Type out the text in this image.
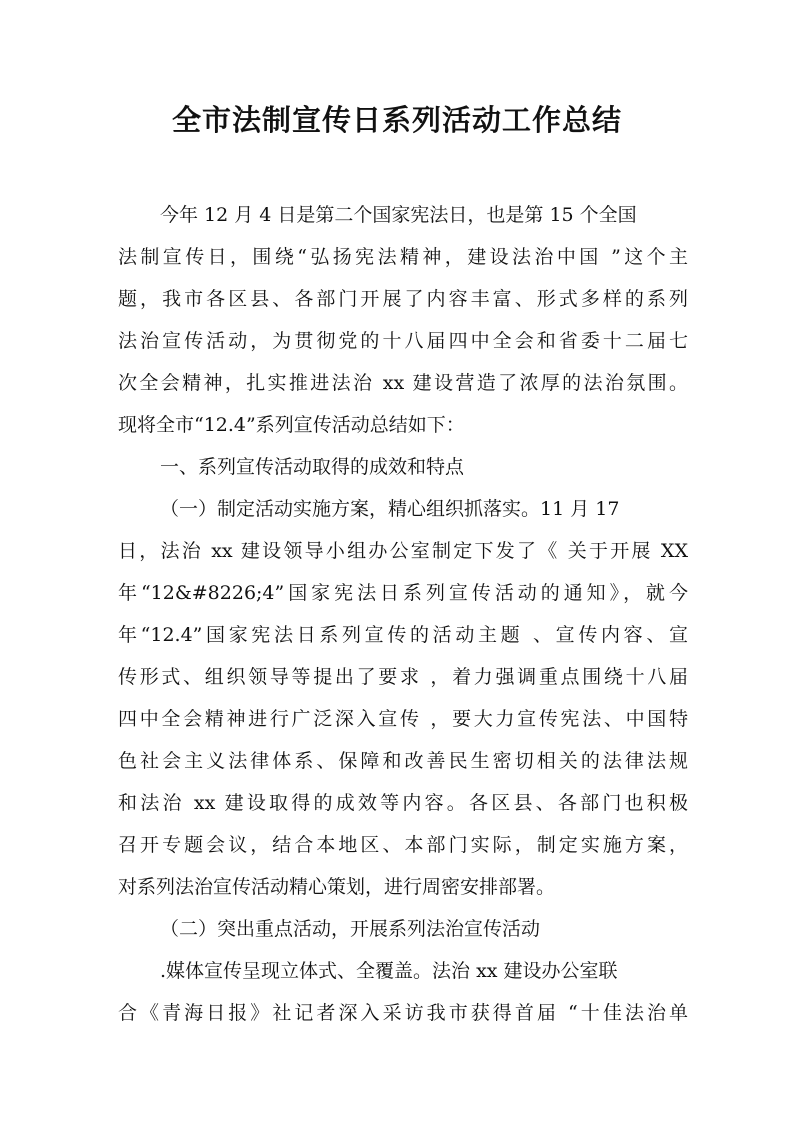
全市法制宣传日系列活动工作总结

今年 12 月 4 日是第二个国家宪法日，也是第 15 个全国

法制宣传日，围绕“弘扬宪法精神，建设法治中国 ”这个主

题，我市各区县、各部门开展了内容丰富、形式多样的系列

法治宣传活动，为贯彻党的十八届四中全会和省委十二届七

次全会精神，扎实推进法治 xx 建设营造了浓厚的法治氛围。

现将全市“12.4”系列宣传活动总结如下：

一、系列宣传活动取得的成效和特点

（一）制定活动实施方案，精心组织抓落实。11 月 17

日，法治 xx 建设领导小组办公室制定下发了《 关于开展 XX

年“12&#8226;4”国家宪法日系列宣传活动的通知》，就今

年“12.4”国家宪法日系列宣传的活动主题 、宣传内容、宣

传形式、组织领导等提出了要求 ，着力强调重点围绕十八届

四中全会精神进行广泛深入宣传 ，要大力宣传宪法、中国特

色社会主义法律体系、保障和改善民生密切相关的法律法规

和法治 xx 建设取得的成效等内容。各区县、各部门也积极

召开专题会议，结合本地区、本部门实际，制定实施方案，

对系列法治宣传活动精心策划，进行周密安排部署。

（二）突出重点活动，开展系列法治宣传活动

.媒体宣传呈现立体式、全覆盖。法治 xx 建设办公室联

合《青海日报》社记者深入采访我市获得首届 “十佳法治单
